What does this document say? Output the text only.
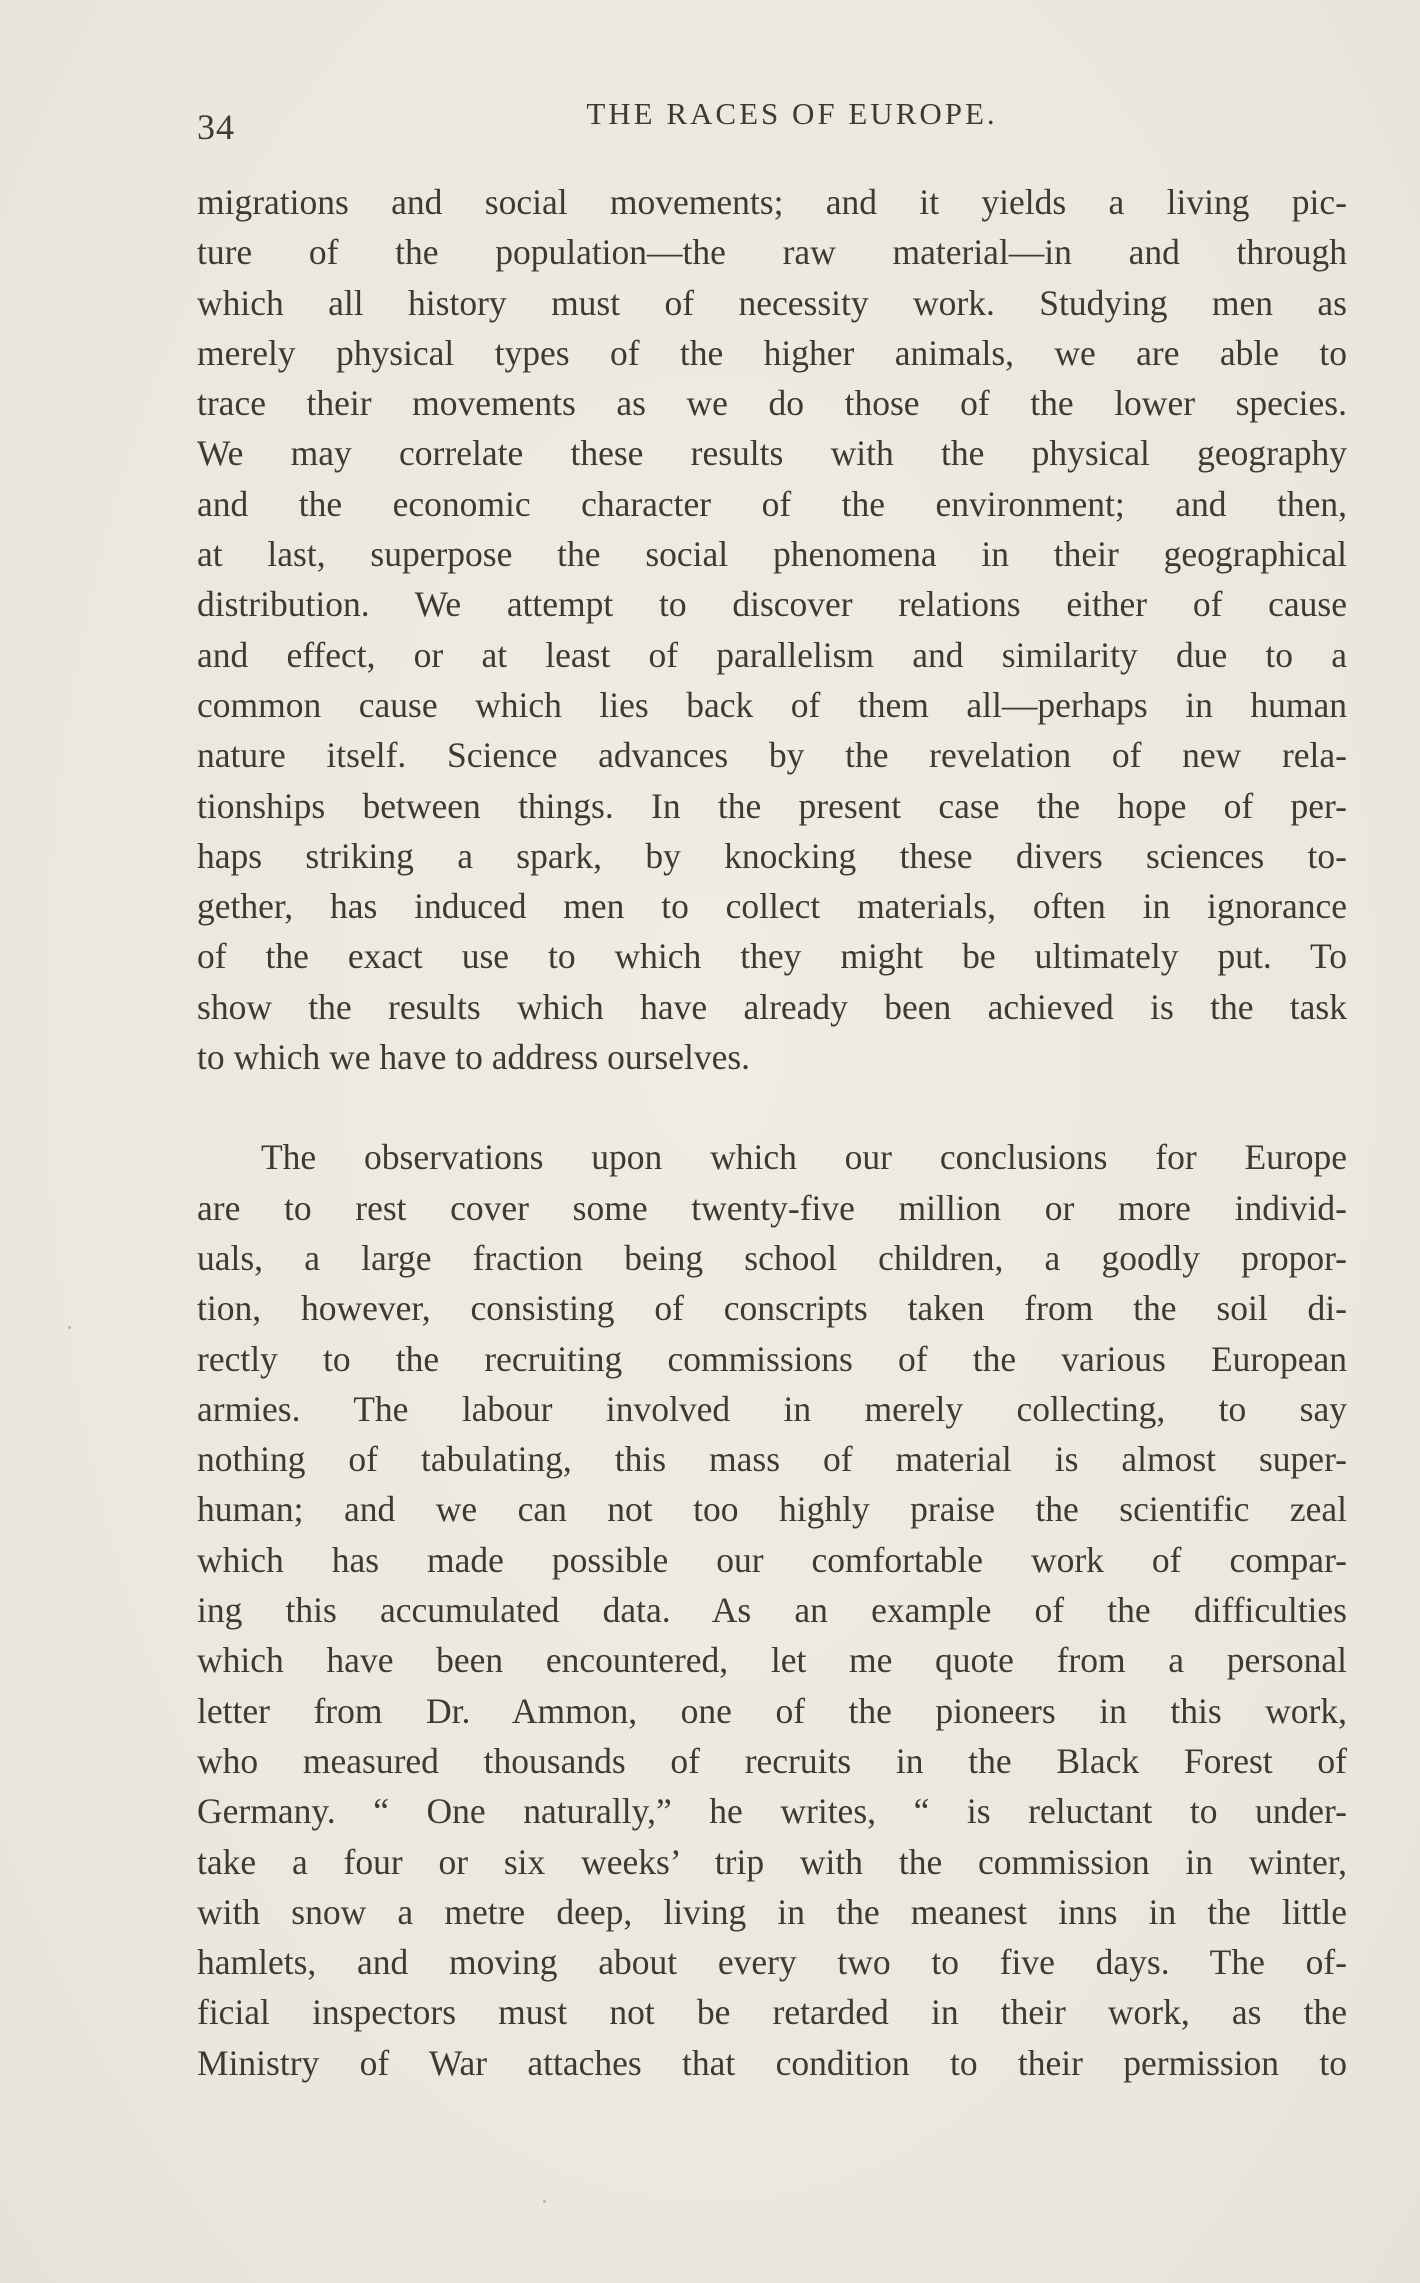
34	THE RACES OF EUROPE.

migrations and social movements; and it yields a living pic-
ture of the population—the raw material—in and through
which all history must of necessity work. Studying men as
merely physical types of the higher animals, we are able to
trace their movements as we do those of the lower species.
We may correlate these results with the physical geography
and the economic character of the environment; and then,
at last, superpose the social phenomena in their geographical
distribution. We attempt to discover relations either of cause
and effect, or at least of parallelism and similarity due to a
common cause which lies back of them all—perhaps in human
nature itself. Science advances by the revelation of new rela-
tionships between things. In the present case the hope of per-
haps striking a spark, by knocking these divers sciences to-
gether, has induced men to collect materials, often in ignorance
of the exact use to which they might be ultimately put. To
show the results which have already been achieved is the task
to which we have to address ourselves.

The observations upon which our conclusions for Europe
are to rest cover some twenty-five million or more individ-
uals, a large fraction being school children, a goodly propor-
tion, however, consisting of conscripts taken from the soil di-
rectly to the recruiting commissions of the various European
armies. The labour involved in merely collecting, to say
nothing of tabulating, this mass of material is almost super-
human; and we can not too highly praise the scientific zeal
which has made possible our comfortable work of compar-
ing this accumulated data. As an example of the difficulties
which have been encountered, let me quote from a personal
letter from Dr. Ammon, one of the pioneers in this work,
who measured thousands of recruits in the Black Forest of
Germany. “ One naturally,” he writes, “ is reluctant to under-
take a four or six weeks’ trip with the commission in winter,
with snow a metre deep, living in the meanest inns in the little
hamlets, and moving about every two to five days. The of-
ficial inspectors must not be retarded in their work, as the
Ministry of War attaches that condition to their permission to
